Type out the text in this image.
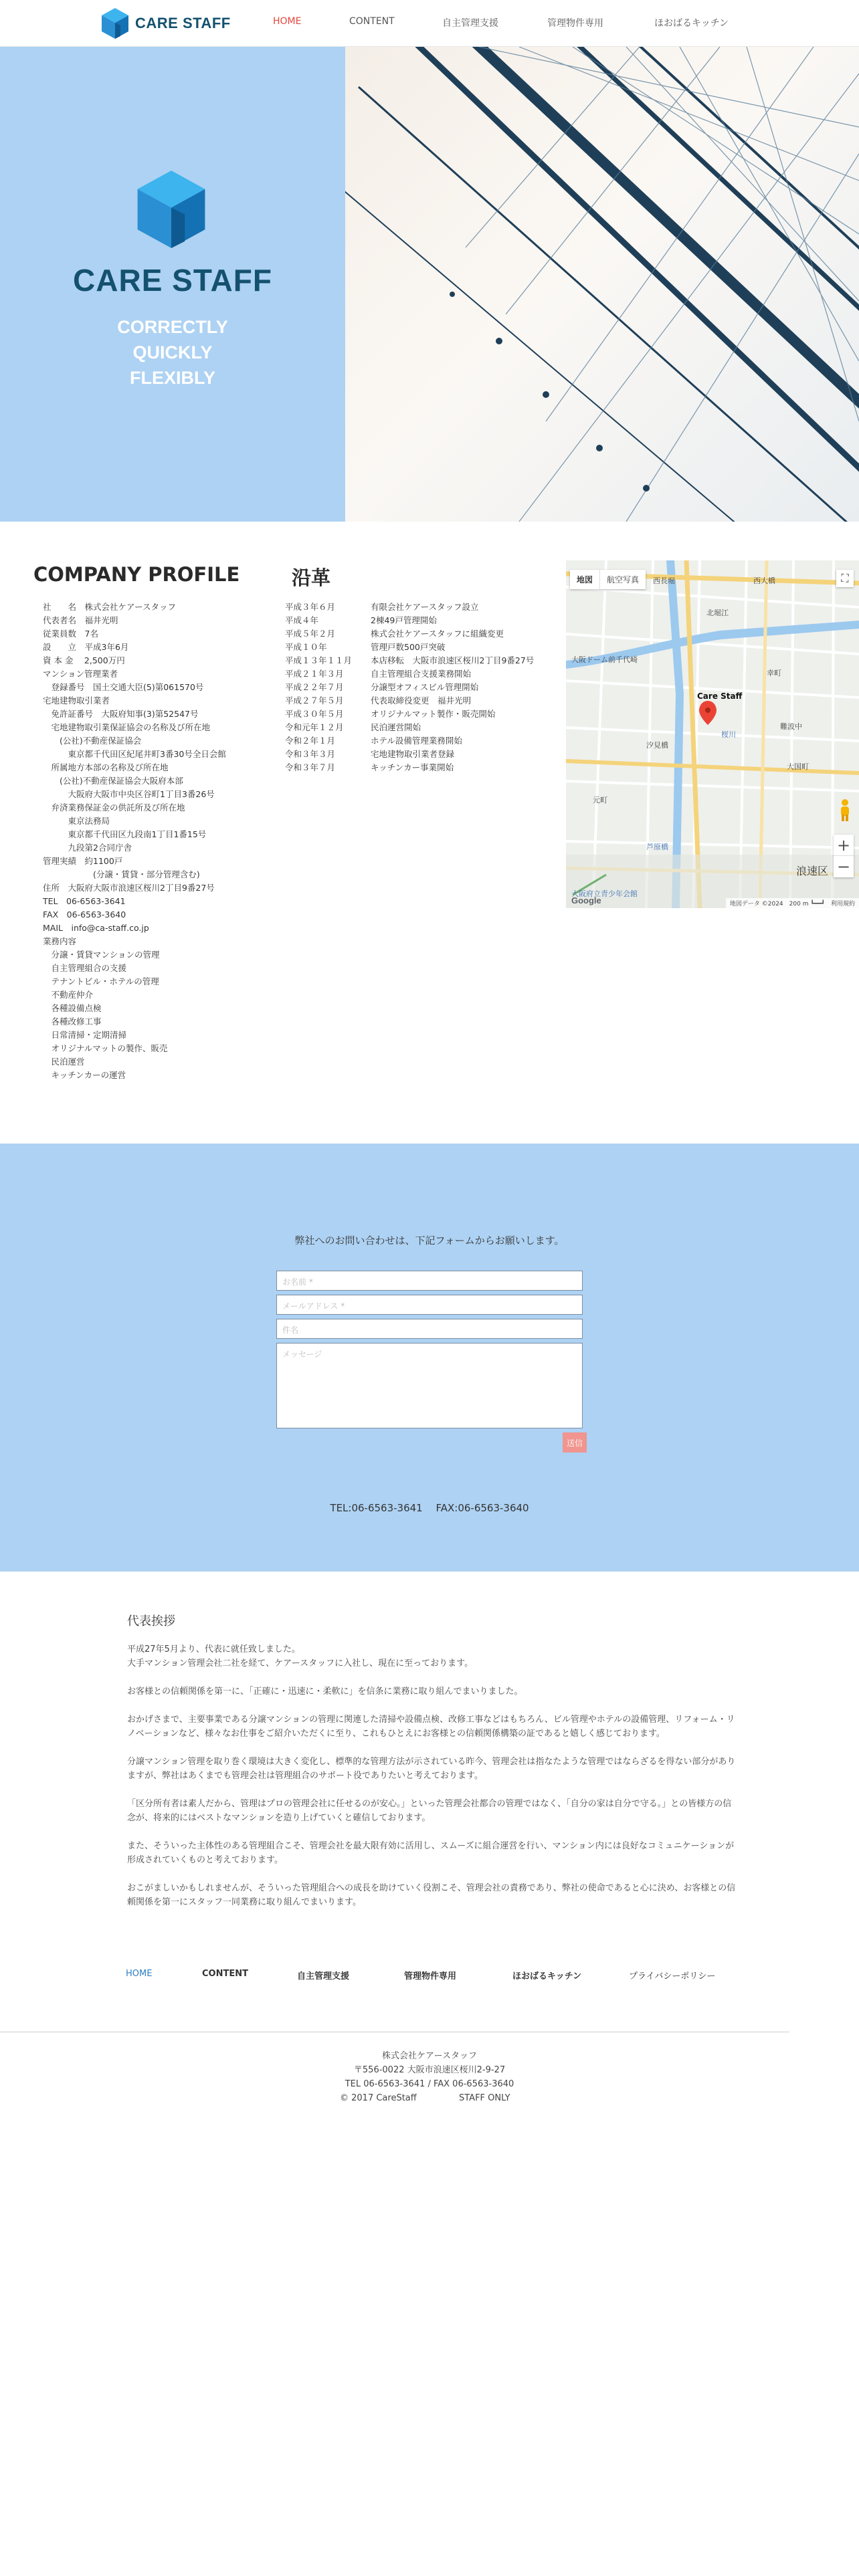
CARE STAFF	HOME	CONTENT	自主管理支援	管理物件専用	ほおばるキッチン
CARE STAFF
CORRECTLY
QUICKLY
FLEXIBLY
COMPANY PROFILE	沿革
社　　名　株式会社ケアースタッフ
代表者名　福井光明
従業員数　7名
設　　立　平成3年6月
資 本 金　 2,500万円
マンション管理業者
　登録番号　国土交通大臣(5)第061570号
宅地建物取引業者
　免許証番号　大阪府知事(3)第52547号
　宅地建物取引業保証協会の名称及び所在地
　　(公社)不動産保証協会
　　　東京都千代田区紀尾井町3番30号全日会館
　所属地方本部の名称及び所在地
　　(公社)不動産保証協会大阪府本部
　　　大阪府大阪市中央区谷町1丁目3番26号
　弁済業務保証金の供託所及び所在地
　　　東京法務局
　　　東京都千代田区九段南1丁目1番15号
　　　九段第2合同庁舎
管理実績　約1100戸
　　　　　　(分譲・賃貸・部分管理含む)
住所　大阪府大阪市浪速区桜川2丁目9番27号
TEL　06-6563-3641
FAX　06-6563-3640
MAIL　info@ca-staff.co.jp
業務内容
　分譲・賃貸マンションの管理
　自主管理組合の支援
　テナントビル・ホテルの管理
　不動産仲介
　各種設備点検
　各種改修工事
　日常清掃・定期清掃
　オリジナルマットの製作、販売
　民泊運営
　キッチンカーの運営
平成３年６月	有限会社ケアースタッフ設立
平成４年	2棟49戸管理開始
平成５年２月	株式会社ケアースタッフに組織変更
平成１０年	管理戸数500戸突破
平成１３年１１月	本店移転　大阪市浪速区桜川2丁目9番27号
平成２１年３月	自主管理組合支援業務開始
平成２２年７月	分譲型オフィスビル管理開始
平成２７年５月	代表取締役変更　福井光明
平成３０年５月	オリジナルマット製作・販売開始
令和元年１２月	民泊運営開始
令和２年１月	ホテル設備管理業務開始
令和３年３月	宅地建物取引業者登録
令和３年７月	キッチンカー事業開始
Care Staff
浪速区
大阪ドーム前千代崎
北堀江
西長堀
汐見橋
桜川
大国町
芦原橋
西大橋
幸町
難波中
元町
大阪府立青少年会館
地図	航空写真	⛶
+
−
Google	地図データ ©2024　200 m ┗━━┛　利用規約
弊社へのお問い合わせは、下記フォームからお願いします。
お名前 *
メールアドレス *
件名
メッセージ
送信
TEL:06-6563-3641　 FAX:06-6563-3640
代表挨拶

平成27年5月より、代表に就任致しました。
大手マンション管理会社二社を経て、ケアースタッフに入社し、現在に至っております。

お客様との信頼関係を第一に、「正確に・迅速に・柔軟に」を信条に業務に取り組んでまいりました。

おかげさまで、主要事業である分譲マンションの管理に関連した清掃や設備点検、改修工事などはもちろん、ビル管理やホテルの設備管理、リフォーム・リノベーションなど、様々なお仕事をご紹介いただくに至り、これもひとえにお客様との信頼関係構築の証であると嬉しく感じております。

分譲マンション管理を取り巻く環境は大きく変化し、標準的な管理方法が示されている昨今、管理会社は指なたような管理ではならざるを得ない部分がありますが、弊社はあくまでも管理会社は管理組合のサポート役でありたいと考えております。

「区分所有者は素人だから、管理はプロの管理会社に任せるのが安心。」といった管理会社都合の管理ではなく、「自分の家は自分で守る。」との皆様方の信念が、将来的にはベストなマンションを造り上げていくと確信しております。

また、そういった主体性のある管理組合こそ、管理会社を最大限有効に活用し、スムーズに組合運営を行い、マンション内には良好なコミュニケーションが形成されていくものと考えております。

おこがましいかもしれませんが、そういった管理組合への成長を助けていく役割こそ、管理会社の責務であり、弊社の使命であると心に決め、お客様との信頼関係を第一にスタッフ一同業務に取り組んでまいります。

HOME	CONTENT	自主管理支援	管理物件専用	ほおばるキッチン	プライバシーポリシー
株式会社ケアースタッフ
〒556-0022 大阪市浪速区桜川2-9-27
TEL 06-6563-3641 / FAX 06-6563-3640
© 2017 CareStaff	STAFF ONLY
